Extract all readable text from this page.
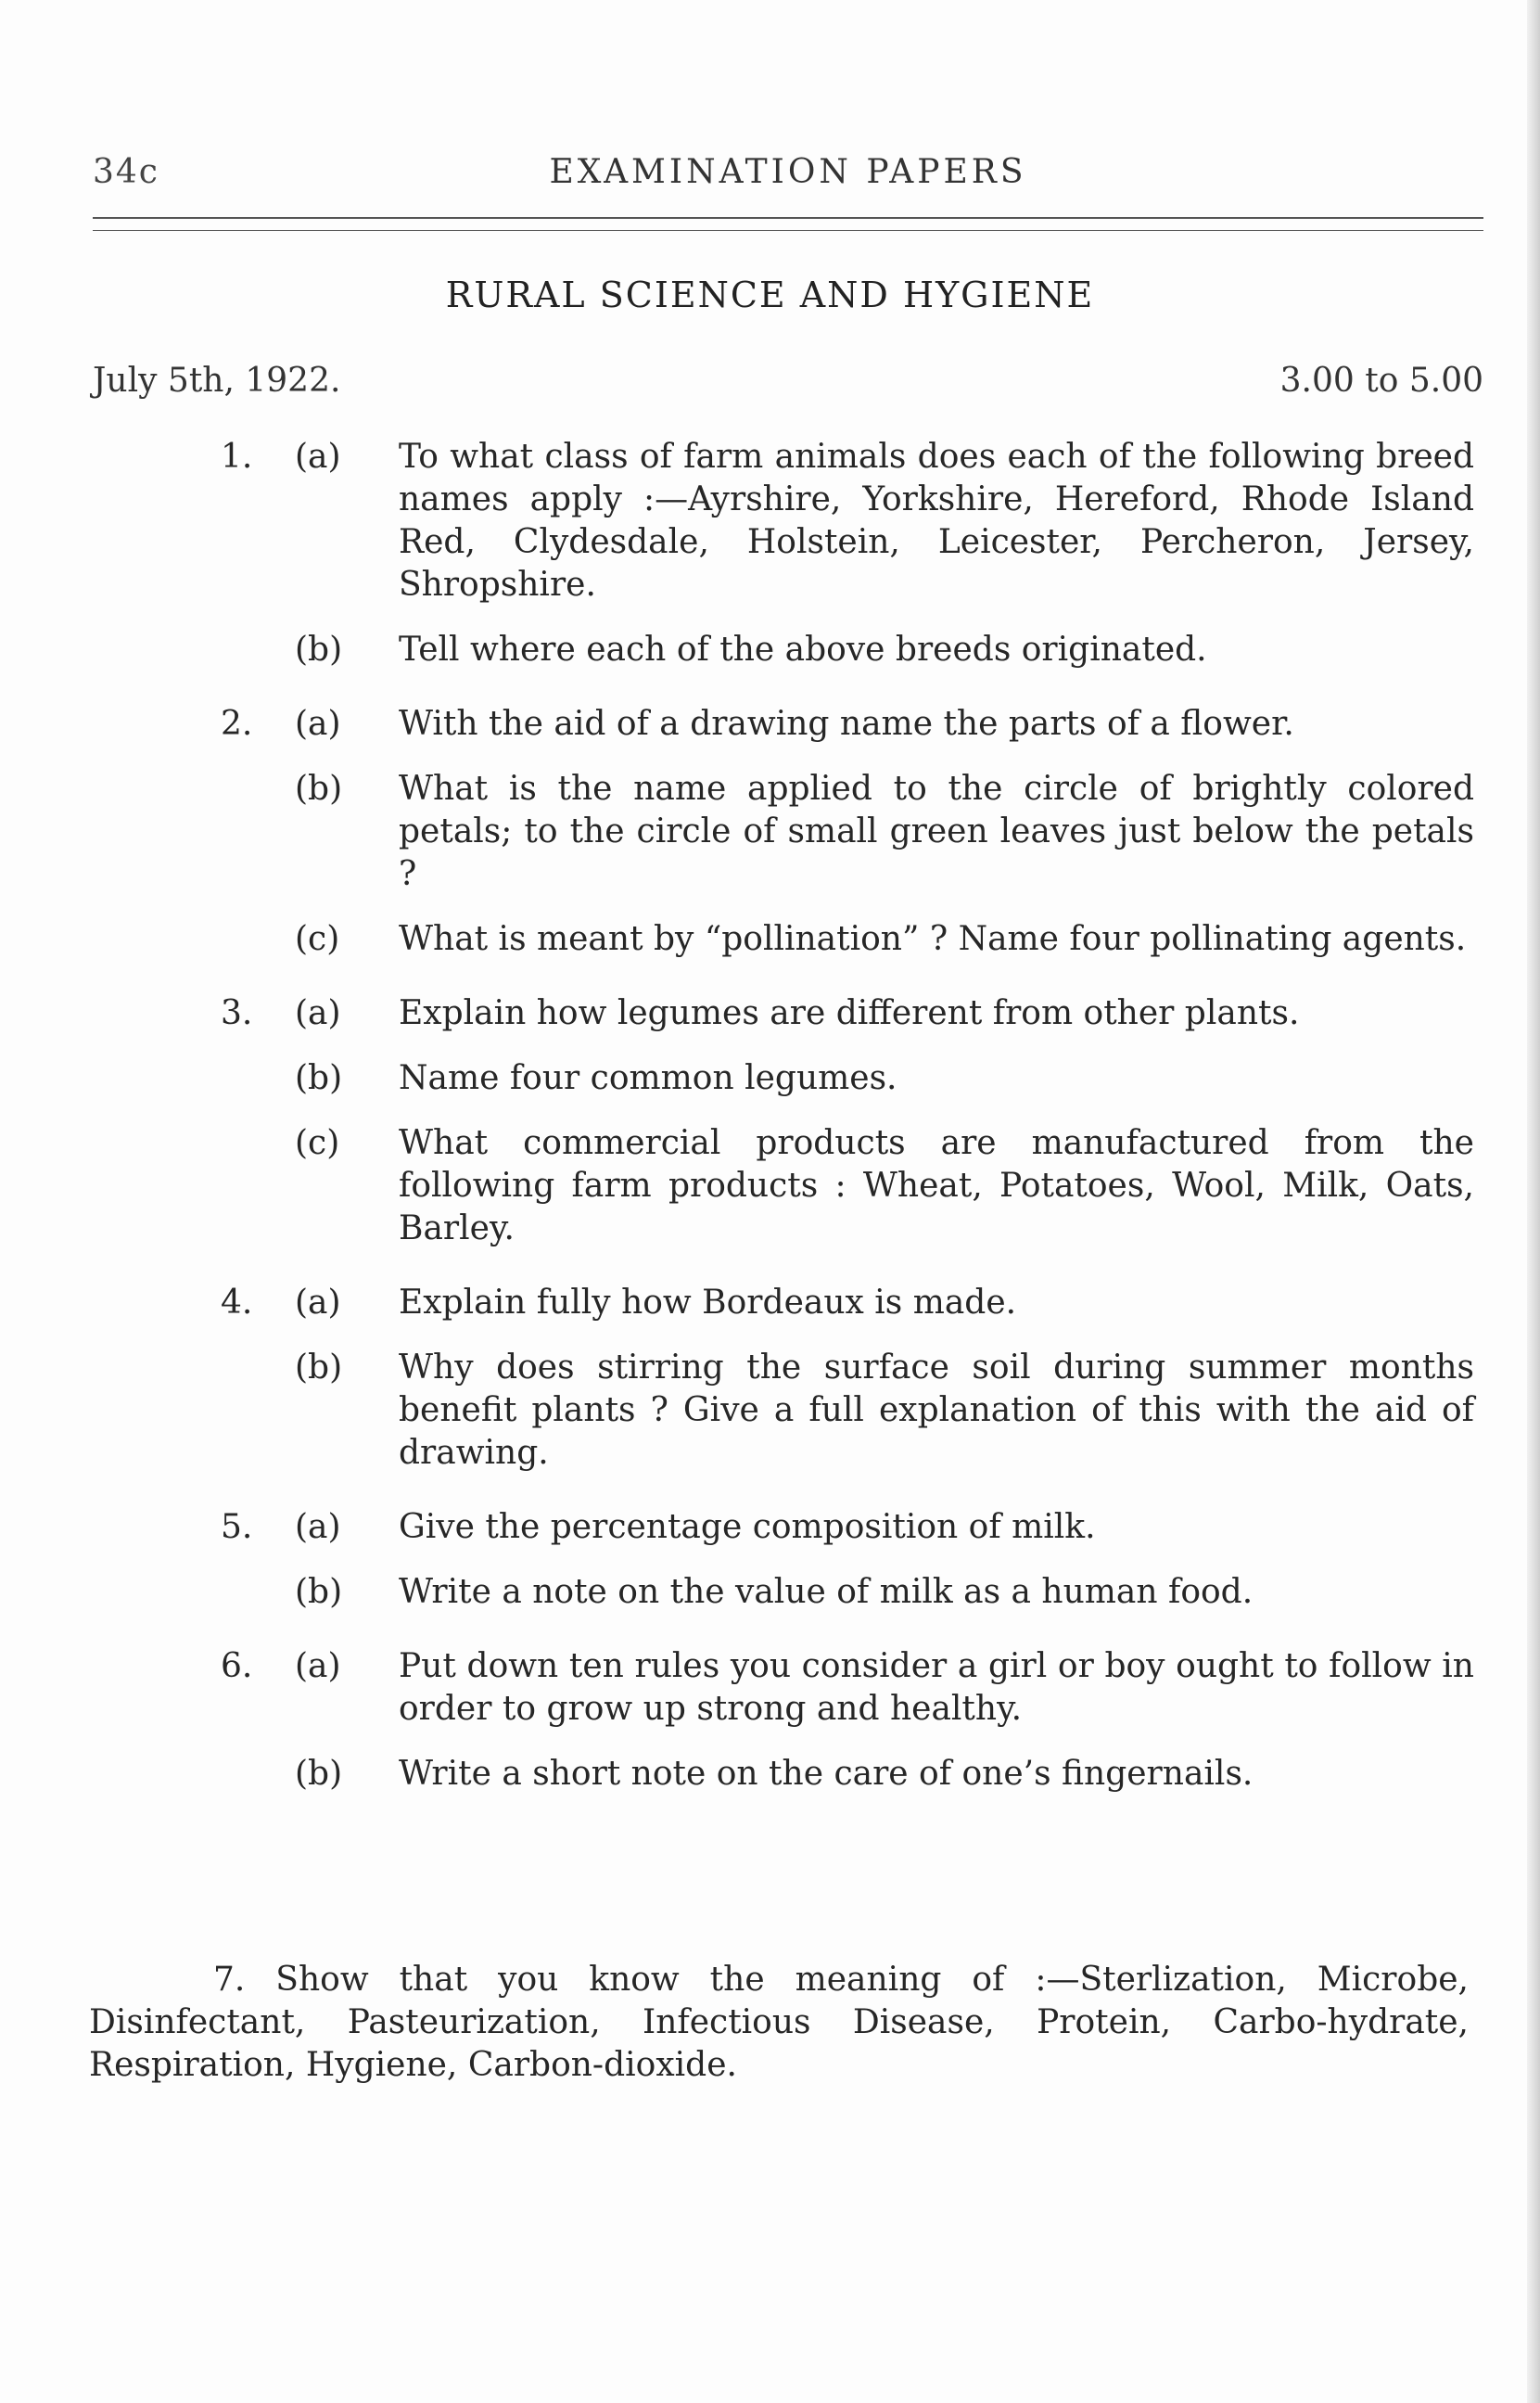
34c	EXAMINATION PAPERS
RURAL SCIENCE AND HYGIENE
July 5th, 1922.	3.00 to 5.00
1. (a) To what class of farm animals does each of the following breed names apply :—Ayrshire, Yorkshire, Hereford, Rhode Island Red, Clydesdale, Holstein, Leicester, Percheron, Jersey, Shropshire.
(b) Tell where each of the above breeds originated.
2. (a) With the aid of a drawing name the parts of a flower.
(b) What is the name applied to the circle of brightly colored petals; to the circle of small green leaves just below the petals ?
(c) What is meant by “pollination” ? Name four pollinating agents.
3. (a) Explain how legumes are different from other plants.
(b) Name four common legumes.
(c) What commercial products are manufactured from the following farm products : Wheat, Potatoes, Wool, Milk, Oats, Barley.
4. (a) Explain fully how Bordeaux is made.
(b) Why does stirring the surface soil during summer months benefit plants ? Give a full explanation of this with the aid of drawing.
5. (a) Give the percentage composition of milk.
(b) Write a note on the value of milk as a human food.
6. (a) Put down ten rules you consider a girl or boy ought to follow in order to grow up strong and healthy.
(b) Write a short note on the care of one’s fingernails.

7. Show that you know the meaning of :—Sterlization, Microbe, Disinfectant, Pasteurization, Infectious Disease, Protein, Carbo-hydrate, Respiration, Hygiene, Carbon-dioxide.
